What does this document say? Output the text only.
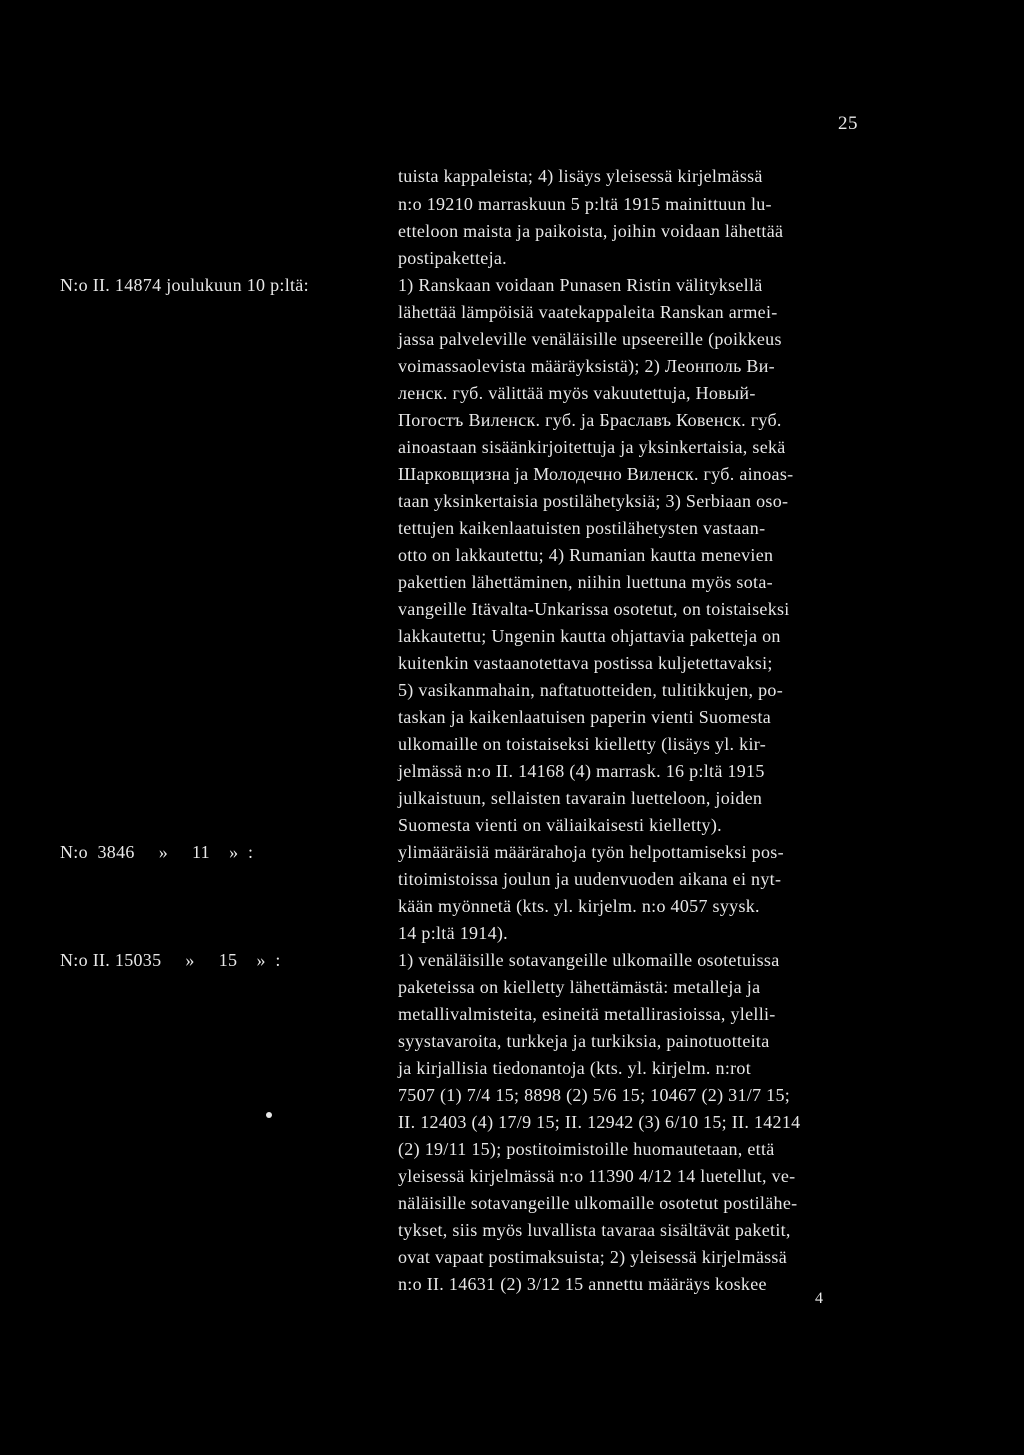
25
tuista kappaleista; 4) lisäys yleisessä kirjelmässä
n:o 19210 marraskuun 5 p:ltä 1915 mainittuun lu-
etteloon maista ja paikoista, joihin voidaan lähettää
postipaketteja.
N:o II. 14874 joulukuun 10 p:ltä:	1) Ranskaan voidaan Punasen Ristin välityksellä
lähettää lämpöisiä vaatekappaleita Ranskan armei-
jassa palveleville venäläisille upseereille (poikkeus
voimassaolevista määräyksistä); 2) Леонполь Ви-
ленск. губ. välittää myös vakuutettuja, Новый-
Погостъ Виленск. губ. ja Браславъ Ковенск. губ.
ainoastaan sisäänkirjoitettuja ja yksinkertaisia, sekä
Шарковщизна ja Молодечно Виленск. губ. ainoas-
taan yksinkertaisia postilähetyksiä; 3) Serbiaan oso-
tettujen kaikenlaatuisten postilähetysten vastaan-
otto on lakkautettu; 4) Rumanian kautta menevien
pakettien lähettäminen, niihin luettuna myös sota-
vangeille Itävalta-Unkarissa osotetut, on toistaiseksi
lakkautettu; Ungenin kautta ohjattavia paketteja on
kuitenkin vastaanotettava postissa kuljetettavaksi;
5) vasikanmahain, naftatuotteiden, tulitikkujen, po-
taskan ja kaikenlaatuisen paperin vienti Suomesta
ulkomaille on toistaiseksi kielletty (lisäys yl. kir-
jelmässä n:o II. 14168 (4) marrask. 16 p:ltä 1915
julkaistuun, sellaisten tavarain luetteloon, joiden
Suomesta vienti on väliaikaisesti kielletty).
N:o  3846     »     11    »  :	ylimääräisiä määrärahoja työn helpottamiseksi pos-
titoimistoissa joulun ja uudenvuoden aikana ei nyt-
kään myönnetä (kts. yl. kirjelm. n:o 4057 syysk.
14 p:ltä 1914).
N:o II. 15035     »     15    »  :	1) venäläisille sotavangeille ulkomaille osotetuissa
paketeissa on kielletty lähettämästä: metalleja ja
metallivalmisteita, esineitä metallirasioissa, ylelli-
syystavaroita, turkkeja ja turkiksia, painotuotteita
ja kirjallisia tiedonantoja (kts. yl. kirjelm. n:rot
7507 (1) 7/4 15; 8898 (2) 5/6 15; 10467 (2) 31/7 15;
II. 12403 (4) 17/9 15; II. 12942 (3) 6/10 15; II. 14214
(2) 19/11 15); postitoimistoille huomautetaan, että
yleisessä kirjelmässä n:o 11390 4/12 14 luetellut, ve-
näläisille sotavangeille ulkomaille osotetut postilähe-
tykset, siis myös luvallista tavaraa sisältävät paketit,
ovat vapaat postimaksuista; 2) yleisessä kirjelmässä
n:o II. 14631 (2) 3/12 15 annettu määräys koskee
4
